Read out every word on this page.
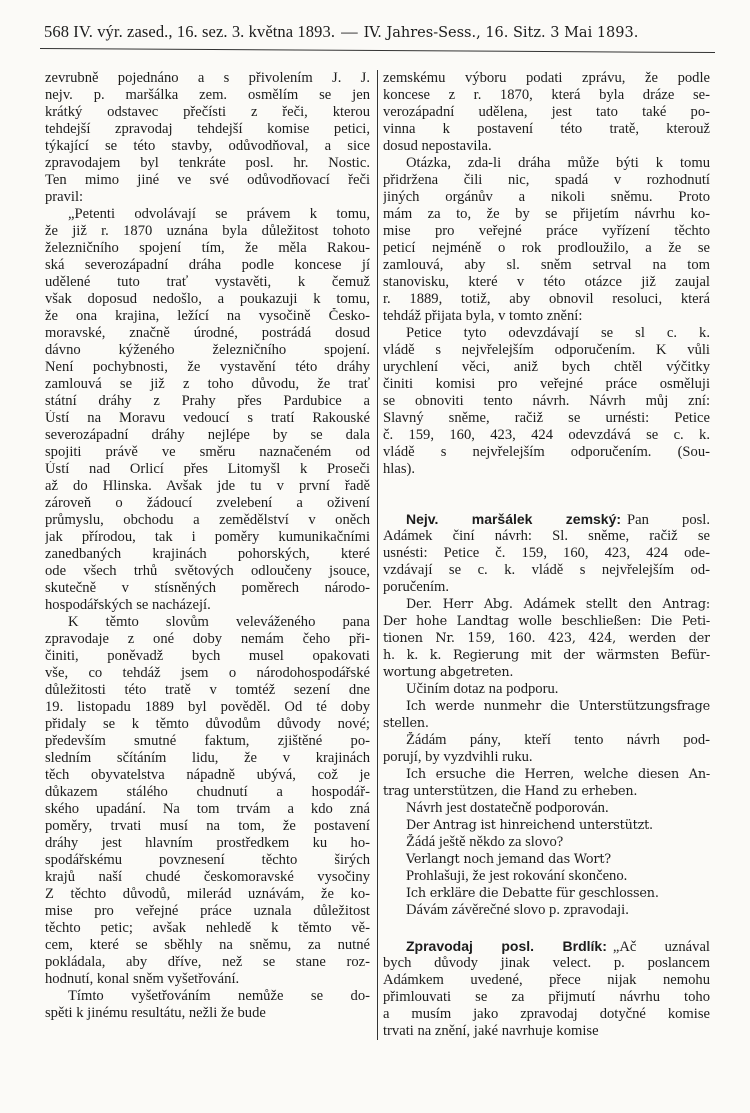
568 IV. výr. zased., 16. sez. 3. května 1893. — IV. Jahres-Sess., 16. Sitz. 3 Mai 1893.
zevrubně pojednáno a s přivolením J. J.
nejv. p. maršálka zem. osmělím se jen
krátký odstavec přečísti z řeči, kterou
tehdejší zpravodaj tehdejší komise petici,
týkající se této stavby, odůvodňoval, a sice
zpravodajem byl tenkráte posl. hr. Nostic.
Ten mimo jiné ve své odůvodňovací řeči
pravil:
„Petenti odvolávají se právem k tomu,
že již r. 1870 uznána byla důležitost tohoto
železničního spojení tím, že měla Rakou-
ská severozápadní dráha podle koncese jí
udělené tuto trať vystavěti, k čemuž
však doposud nedošlo, a poukazuji k tomu,
že ona krajina, ležící na vysočině Česko-
moravské, značně úrodné, postrádá dosud
dávno kýženého železničního spojení.
Není pochybnosti, že vystavění této dráhy
zamlouvá se již z toho důvodu, že trať
státní dráhy z Prahy přes Pardubice a
Ústí na Moravu vedoucí s tratí Rakouské
severozápadní dráhy nejlépe by se dala
spojiti právě ve směru naznačeném od
Ústí nad Orlicí přes Litomyšl k Proseči
až do Hlinska. Avšak jde tu v první řadě
zároveň o žádoucí zvelebení a oživení
průmyslu, obchodu a zemědělství v oněch
jak přírodou, tak i poměry kumunikačními
zanedbaných krajinách pohorských, které
ode všech trhů světových odloučeny jsouce,
skutečně v stísněných poměrech národo-
hospodářských se nacházejí.
K těmto slovům veleváženého pana
zpravodaje z oné doby nemám čeho při-
činiti, poněvadž bych musel opakovati
vše, co tehdáž jsem o národohospodářské
důležitosti této tratě v tomtéž sezení dne
19. listopadu 1889 byl pověděl. Od té doby
přidaly se k těmto důvodům důvody nové;
především smutné faktum, zjištěné po-
sledním sčítáním lidu, že v krajinách
těch obyvatelstva nápadně ubývá, což je
důkazem stálého chudnutí a hospodář-
ského upadání. Na tom trvám a kdo zná
poměry, trvati musí na tom, že postavení
dráhy jest hlavním prostředkem ku ho-
spodářskému povznesení těchto širých
krajů naší chudé českomoravské vysočiny
Z těchto důvodů, milerád uznávám, že ko-
mise pro veřejné práce uznala důležitost
těchto petic; avšak nehledě k těmto vě-
cem, které se sběhly na sněmu, za nutné
pokládala, aby dříve, než se stane roz-
hodnutí, konal sněm vyšetřování.
Tímto vyšetřováním nemůže se do-
spěti k jinému resultátu, nežli že bude
zemskému výboru podati zprávu, že podle
koncese z r. 1870, která byla dráze se-
verozápadní udělena, jest tato také po-
vinna k postavení této tratě, kterouž
dosud nepostavila.
Otázka, zda-li dráha může býti k tomu
přidržena čili nic, spadá v rozhodnutí
jiných orgánův a nikoli sněmu. Proto
mám za to, že by se přijetím návrhu ko-
mise pro veřejné práce vyřízení těchto
peticí nejméně o rok prodloužilo, a že se
zamlouvá, aby sl. sněm setrval na tom
stanovisku, které v této otázce již zaujal
r. 1889, totiž, aby obnovil resoluci, která
tehdáž přijata byla, v tomto znění:
Petice tyto odevzdávají se sl c. k.
vládě s nejvřelejším odporučením. K vůli
urychlení věci, aniž bych chtěl výčitky
činiti komisi pro veřejné práce osměluji
se obnoviti tento návrh. Návrh můj zní:
Slavný sněme, račiž se urnésti: Petice
č. 159, 160, 423, 424 odevzdává se c. k.
vládě s nejvřelejším odporučením. (Sou-
hlas).
Nejv. maršálek zemský: Pan posl.
Adámek činí návrh: Sl. sněme, račiž se
usnésti: Petice č. 159, 160, 423, 424 ode-
vzdávají se c. k. vládě s nejvřelejším od-
poručením.
Der. Herr Abg. Adámek stellt den Antrag:
Der hohe Landtag wolle beschließen: Die Peti-
tionen Nr. 159, 160. 423, 424, werden der
h. k. k. Regierung mit der wärmsten Befür-
wortung abgetreten.
Učiním dotaz na podporu.
Ich werde nunmehr die Unterstützungsfrage
stellen.
Žádám pány, kteří tento návrh pod-
porují, by vyzdvihli ruku.
Ich ersuche die Herren, welche diesen An-
trag unterstützen, die Hand zu erheben.
Návrh jest dostatečně podporován.
Der Antrag ist hinreichend unterstützt.
Žádá ještě někdo za slovo?
Verlangt noch jemand das Wort?
Prohlašuji, že jest rokování skončeno.
Ich erkläre die Debatte für geschlossen.
Dávám závěrečné slovo p. zpravodaji.
Zpravodaj posl. Brdlík: „Ač uznával
bych důvody jinak velect. p. poslancem
Adámkem uvedené, přece nijak nemohu
přimlouvati se za přijmutí návrhu toho
a musím jako zpravodaj dotyčné komise
trvati na znění, jaké navrhuje komise
